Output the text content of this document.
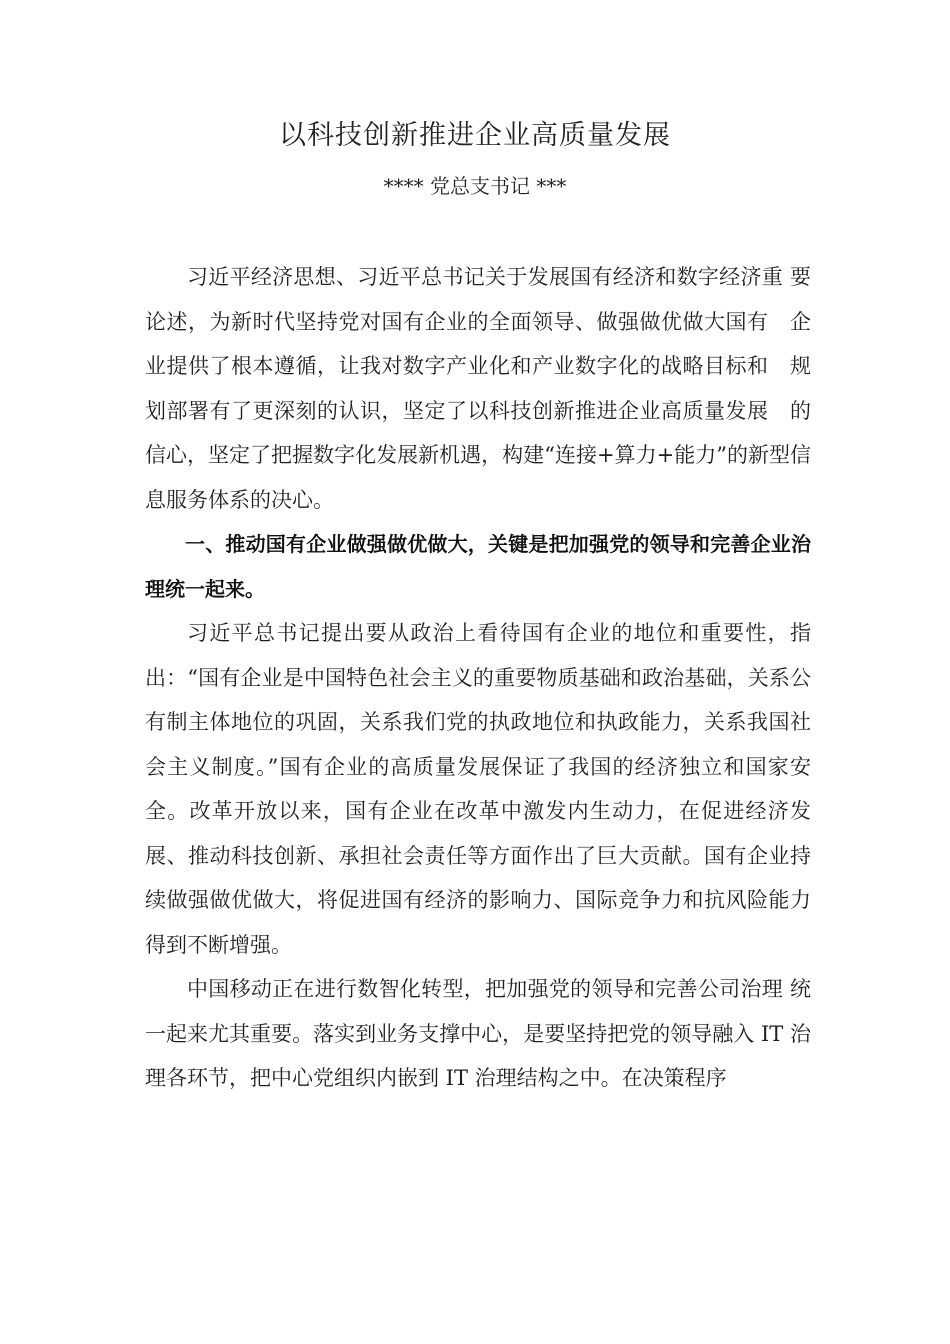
以科技创新推进企业高质量发展
**** 党总支书记 ***

习近平经济思想、习近平总书记关于发展国有经济和数字经济重 要论述，为新时代坚持党对国有企业的全面领导、做强做优做大国有　企业提供了根本遵循，让我对数字产业化和产业数字化的战略目标和　规划部署有了更深刻的认识，坚定了以科技创新推进企业高质量发展　的信心，坚定了把握数字化发展新机遇，构建“连接+算力+能力”的新型信息服务体系的决心。

一、推动国有企业做强做优做大，关键是把加强党的领导和完善企业治理统一起来。

习近平总书记提出要从政治上看待国有企业的地位和重要性，指出：“国有企业是中国特色社会主义的重要物质基础和政治基础，关系公有制主体地位的巩固，关系我们党的执政地位和执政能力，关系我国社会主义制度。”国有企业的高质量发展保证了我国的经济独立和国家安全。改革开放以来，国有企业在改革中激发内生动力，在促进经济发展、推动科技创新、承担社会责任等方面作出了巨大贡献。国有企业持续做强做优做大，将促进国有经济的影响力、国际竞争力和抗风险能力得到不断增强。

中国移动正在进行数智化转型，把加强党的领导和完善公司治理 统一起来尤其重要。落实到业务支撑中心，是要坚持把党的领导融入 IT 治理各环节，把中心党组织内嵌到 IT 治理结构之中。在决策程序
